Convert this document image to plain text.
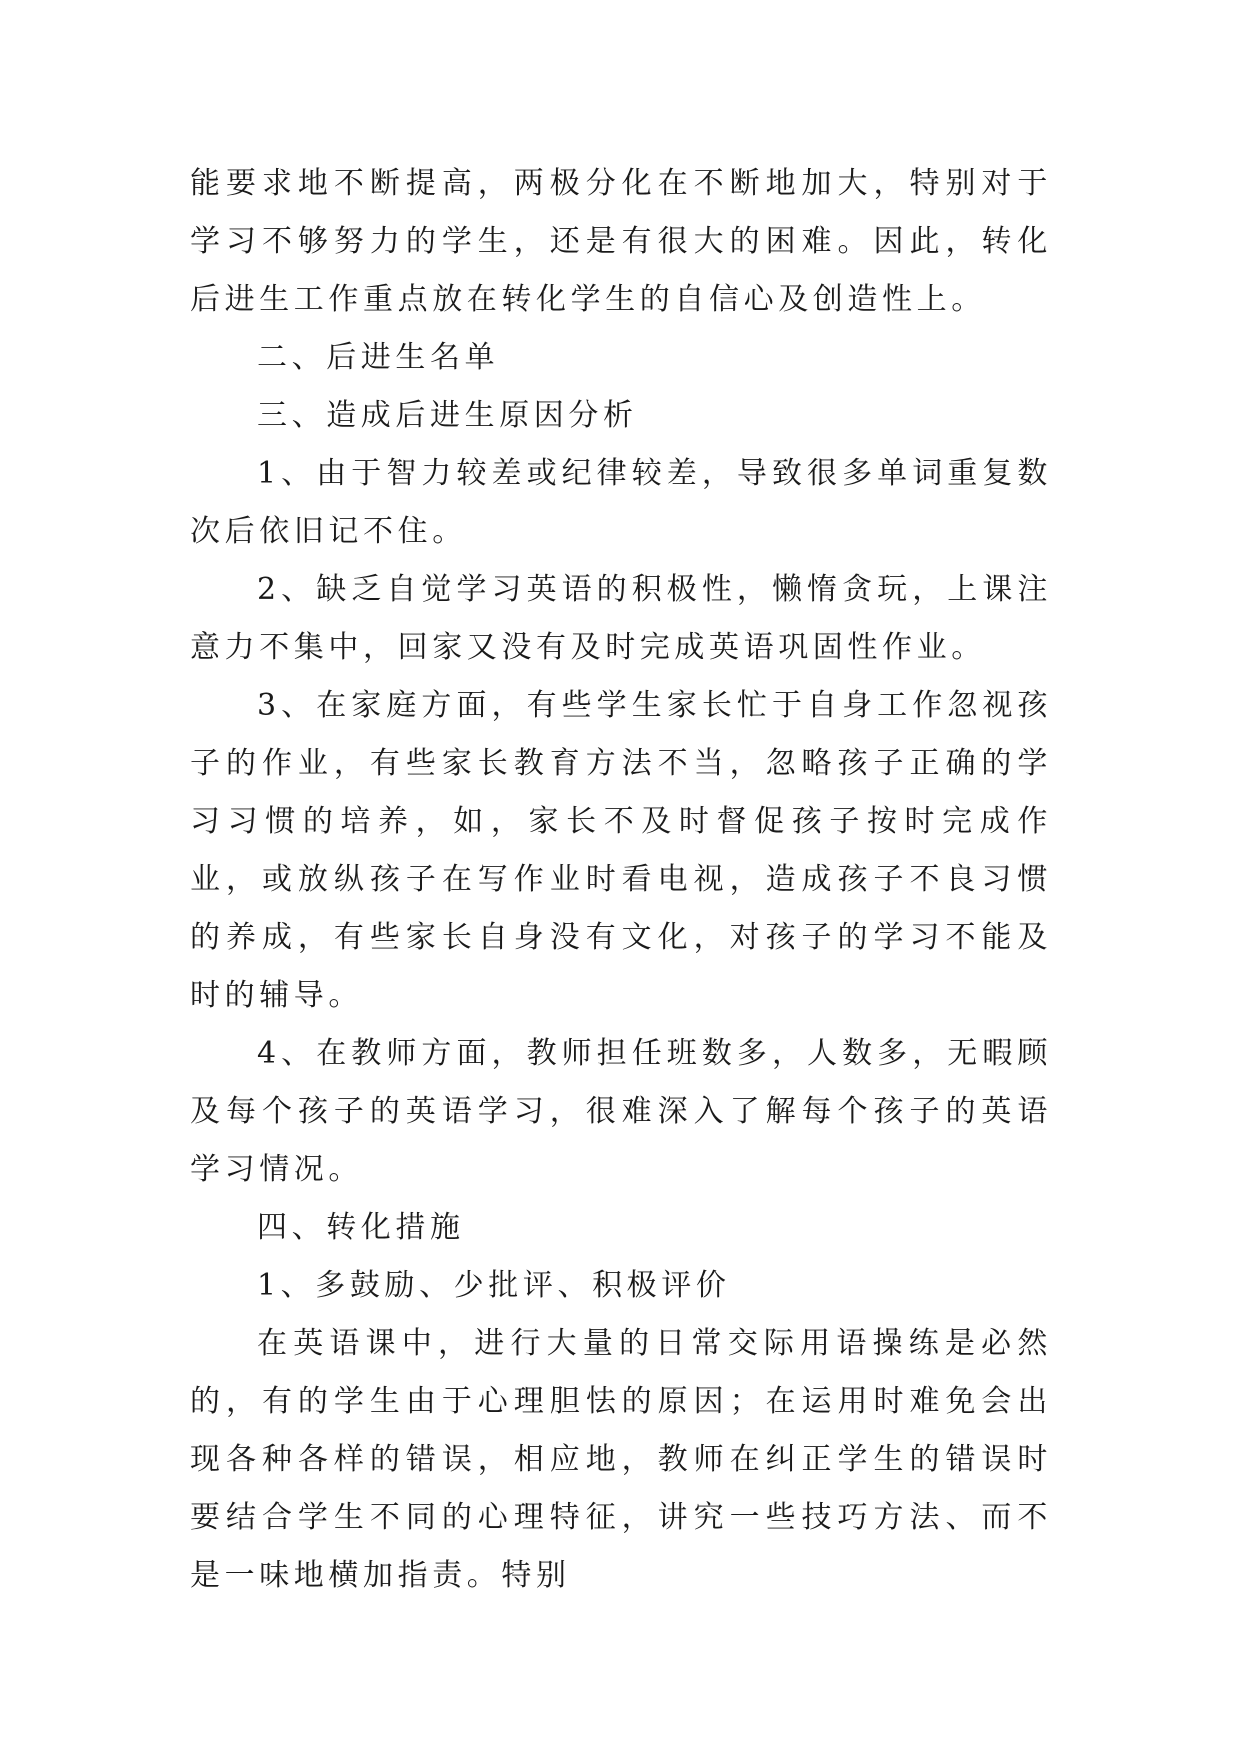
能要求地不断提高，两极分化在不断地加大，特别对于学习不够努力的学生，还是有很大的困难。因此，转化后进生工作重点放在转化学生的自信心及创造性上。

二、后进生名单

三、造成后进生原因分析

1、由于智力较差或纪律较差，导致很多单词重复数次后依旧记不住。

2、缺乏自觉学习英语的积极性，懒惰贪玩，上课注意力不集中，回家又没有及时完成英语巩固性作业。

3、在家庭方面，有些学生家长忙于自身工作忽视孩子的作业，有些家长教育方法不当，忽略孩子正确的学习习惯的培养，如，家长不及时督促孩子按时完成作业，或放纵孩子在写作业时看电视，造成孩子不良习惯的养成，有些家长自身没有文化，对孩子的学习不能及时的辅导。

4、在教师方面，教师担任班数多，人数多，无暇顾及每个孩子的英语学习，很难深入了解每个孩子的英语学习情况。

四、转化措施

1、多鼓励、少批评、积极评价

在英语课中，进行大量的日常交际用语操练是必然的，有的学生由于心理胆怯的原因；在运用时难免会出现各种各样的错误，相应地，教师在纠正学生的错误时要结合学生不同的心理特征，讲究一些技巧方法、而不是一味地横加指责。特别
